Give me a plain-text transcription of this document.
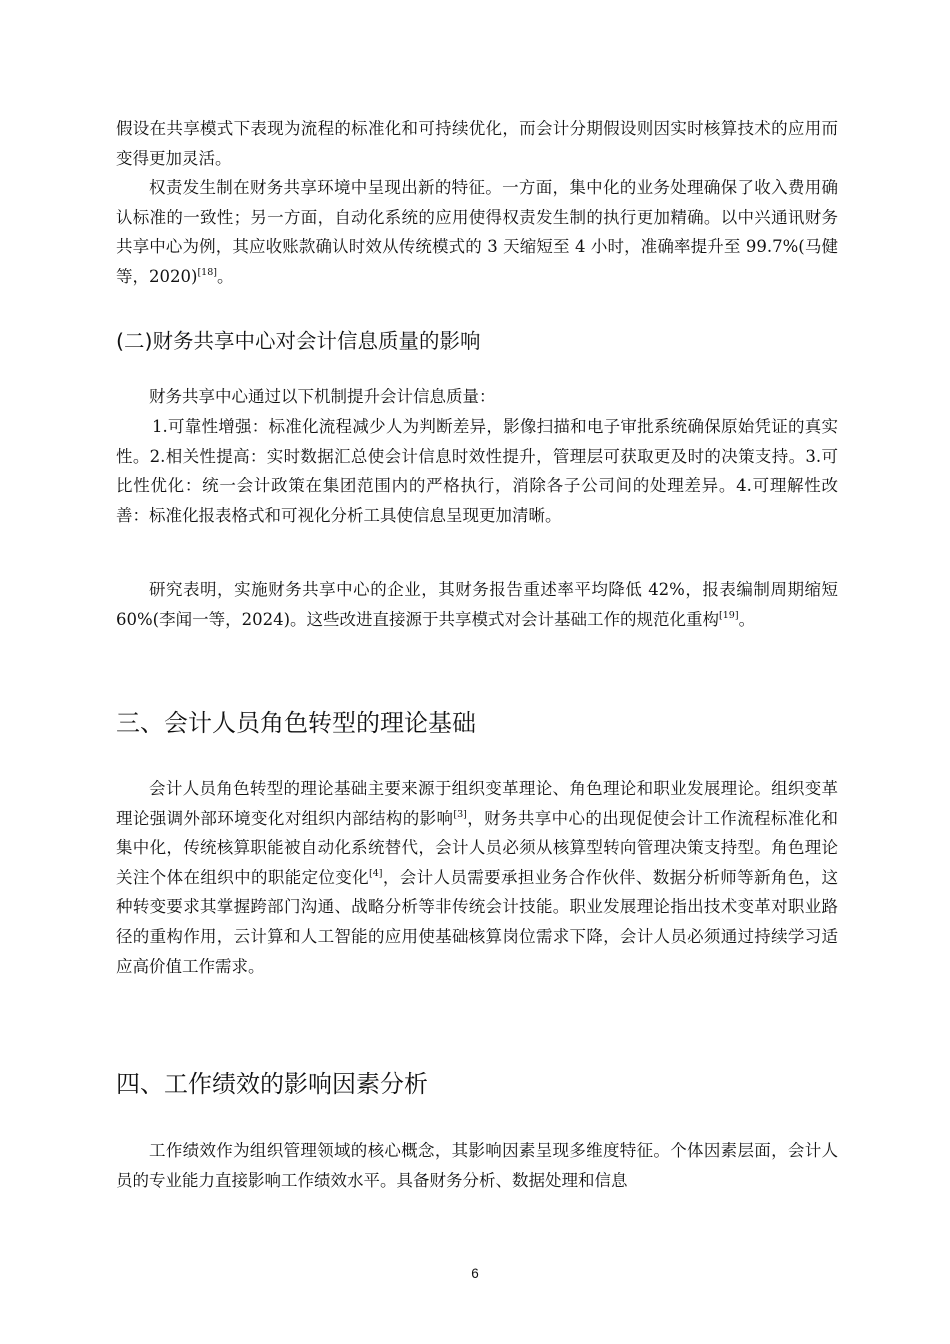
假设在共享模式下表现为流程的标准化和可持续优化，而会计分期假设则因实时核算技术的应用而变得更加灵活。

权责发生制在财务共享环境中呈现出新的特征。一方面，集中化的业务处理确保了收入费用确认标准的一致性；另一方面，自动化系统的应用使得权责发生制的执行更加精确。以中兴通讯财务共享中心为例，其应收账款确认时效从传统模式的 3 天缩短至 4 小时，准确率提升至 99.7%(马健等，2020)[18]。

(二)财务共享中心对会计信息质量的影响

财务共享中心通过以下机制提升会计信息质量：

1.可靠性增强：标准化流程减少人为判断差异，影像扫描和电子审批系统确保原始凭证的真实性。2.相关性提高：实时数据汇总使会计信息时效性提升，管理层可获取更及时的决策支持。3.可比性优化：统一会计政策在集团范围内的严格执行，消除各子公司间的处理差异。4.可理解性改善：标准化报表格式和可视化分析工具使信息呈现更加清晰。

研究表明，实施财务共享中心的企业，其财务报告重述率平均降低 42%，报表编制周期缩短 60%(李闻一等，2024)。这些改进直接源于共享模式对会计基础工作的规范化重构[19]。

三、会计人员角色转型的理论基础

会计人员角色转型的理论基础主要来源于组织变革理论、角色理论和职业发展理论。组织变革理论强调外部环境变化对组织内部结构的影响[3]，财务共享中心的出现促使会计工作流程标准化和集中化，传统核算职能被自动化系统替代，会计人员必须从核算型转向管理决策支持型。角色理论关注个体在组织中的职能定位变化[4]，会计人员需要承担业务合作伙伴、数据分析师等新角色，这种转变要求其掌握跨部门沟通、战略分析等非传统会计技能。职业发展理论指出技术变革对职业路径的重构作用，云计算和人工智能的应用使基础核算岗位需求下降，会计人员必须通过持续学习适应高价值工作需求。

四、工作绩效的影响因素分析

工作绩效作为组织管理领域的核心概念，其影响因素呈现多维度特征。个体因素层面，会计人员的专业能力直接影响工作绩效水平。具备财务分析、数据处理和信息

6
